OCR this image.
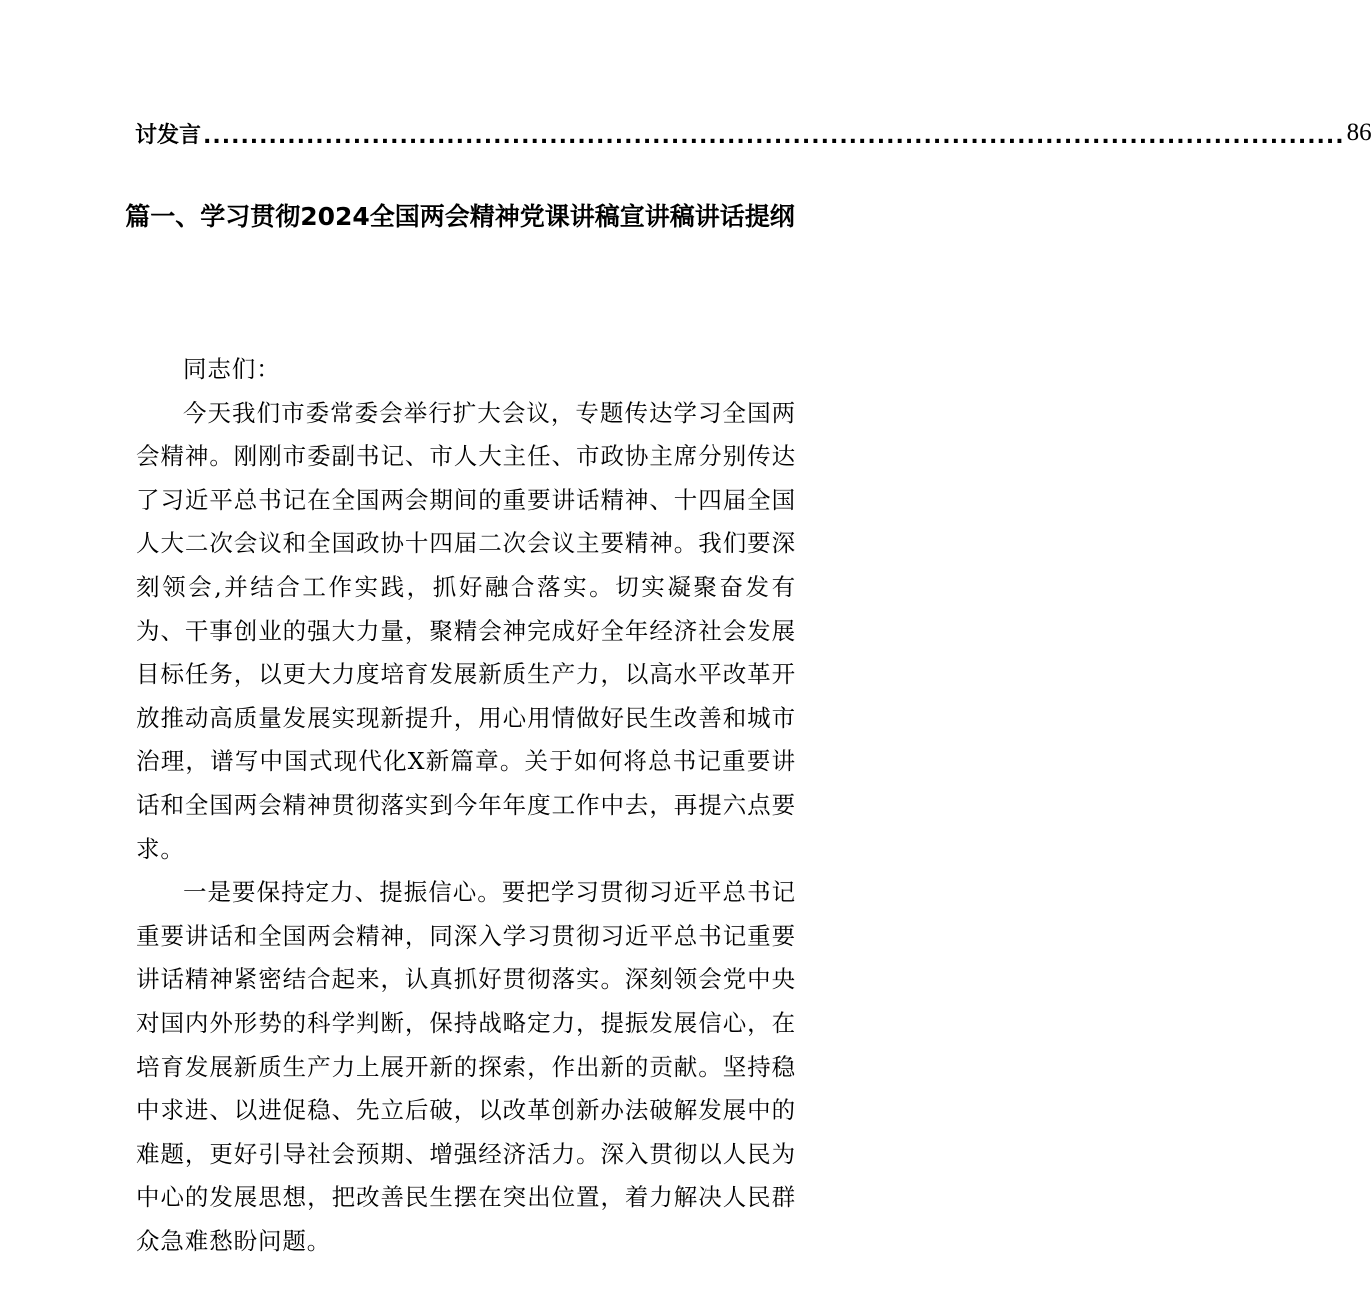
讨发言 .......................................................................................................................... 86
篇一、学习贯彻2024全国两会精神党课讲稿宣讲稿讲话提纲

同志们：

今天我们市委常委会举行扩大会议，专题传达学习全国两会精神。刚刚市委副书记、市人大主任、市政协主席分别传达了习近平总书记在全国两会期间的重要讲话精神、十四届全国人大二次会议和全国政协十四届二次会议主要精神。我们要深刻领会,并结合工作实践，抓好融合落实。切实凝聚奋发有为、干事创业的强大力量，聚精会神完成好全年经济社会发展目标任务，以更大力度培育发展新质生产力，以高水平改革开放推动高质量发展实现新提升，用心用情做好民生改善和城市治理，谱写中国式现代化X新篇章。关于如何将总书记重要讲话和全国两会精神贯彻落实到今年年度工作中去，再提六点要求。

一是要保持定力、提振信心。要把学习贯彻习近平总书记重要讲话和全国两会精神，同深入学习贯彻习近平总书记重要讲话精神紧密结合起来，认真抓好贯彻落实。深刻领会党中央对国内外形势的科学判断，保持战略定力，提振发展信心，在培育发展新质生产力上展开新的探索，作出新的贡献。坚持稳中求进、以进促稳、先立后破，以改革创新办法破解发展中的难题，更好引导社会预期、增强经济活力。深入贯彻以人民为中心的发展思想，把改善民生摆在突出位置，着力解决人民群众急难愁盼问题。
